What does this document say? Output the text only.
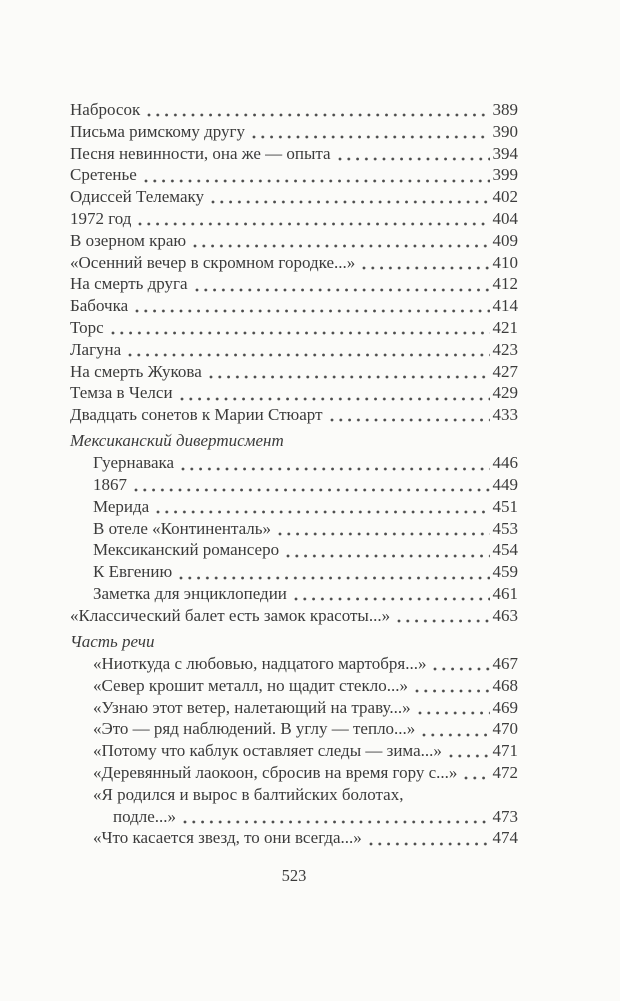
Набросок	389
Письма римскому другу	390
Песня невинности, она же — опыта	394
Сретенье	399
Одиссей Телемаку	402
1972 год	404
В озерном краю	409
«Осенний вечер в скромном городке...»	410
На смерть друга	412
Бабочка	414
Торс	421
Лагуна	423
На смерть Жукова	427
Темза в Челси	429
Двадцать сонетов к Марии Стюарт	433
Мексиканский дивертисмент
Гуернавака	446
1867	449
Мерида	451
В отеле «Континенталь»	453
Мексиканский романсеро	454
К Евгению	459
Заметка для энциклопедии	461
«Классический балет есть замок красоты...»	463
Часть речи
«Ниоткуда с любовью, надцатого мартобря...»	467
«Север крошит металл, но щадит стекло...»	468
«Узнаю этот ветер, налетающий на траву...»	469
«Это — ряд наблюдений. В углу — тепло...»	470
«Потому что каблук оставляет следы — зима...»	471
«Деревянный лаокоон, сбросив на время гору с...» 472
«Я родился и вырос в балтийских болотах,
подле...»	473
«Что касается звезд, то они всегда...»	474
523
